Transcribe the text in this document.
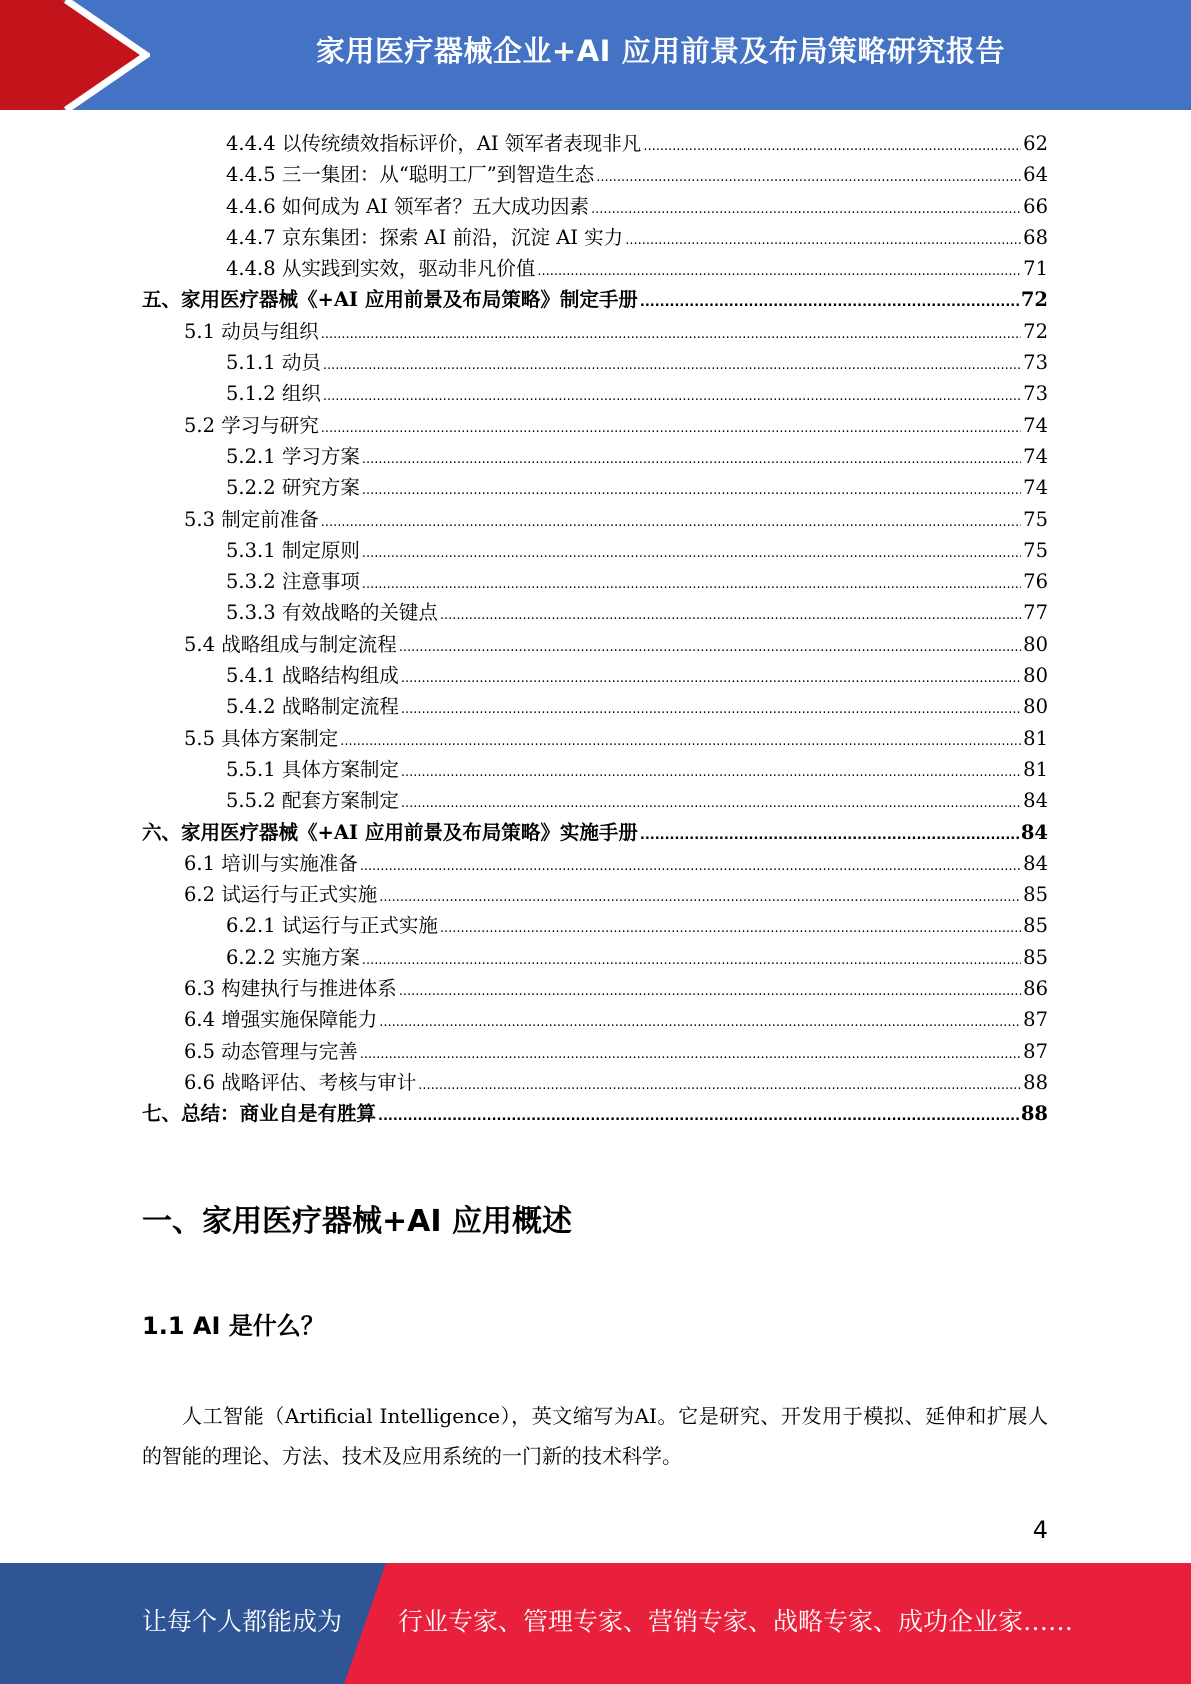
家用医疗器械企业+AI 应用前景及布局策略研究报告
4.4.4 以传统绩效指标评价，AI 领军者表现非凡 .....	62
4.4.5 三一集团：从“聪明工厂”到智造生态 .....	64
4.4.6 如何成为 AI 领军者？五大成功因素 .....	66
4.4.7 京东集团：探索 AI 前沿，沉淀 AI 实力 .....	68
4.4.8 从实践到实效，驱动非凡价值 .....	71
五、家用医疗器械《+AI 应用前景及布局策略》制定手册 .....	72
5.1 动员与组织 .....	72
5.1.1 动员 .....	73
5.1.2 组织 .....	73
5.2 学习与研究 .....	74
5.2.1 学习方案 .....	74
5.2.2 研究方案 .....	74
5.3 制定前准备 .....	75
5.3.1 制定原则 .....	75
5.3.2 注意事项 .....	76
5.3.3 有效战略的关键点 .....	77
5.4 战略组成与制定流程 .....	80
5.4.1 战略结构组成 .....	80
5.4.2 战略制定流程 .....	80
5.5 具体方案制定 .....	81
5.5.1 具体方案制定 .....	81
5.5.2 配套方案制定 .....	84
六、家用医疗器械《+AI 应用前景及布局策略》实施手册 .....	84
6.1 培训与实施准备 .....	84
6.2 试运行与正式实施 .....	85
6.2.1 试运行与正式实施 .....	85
6.2.2 实施方案 .....	85
6.3 构建执行与推进体系 .....	86
6.4 增强实施保障能力 .....	87
6.5 动态管理与完善 .....	87
6.6 战略评估、考核与审计 .....	88
七、总结：商业自是有胜算 .....	88
一、家用医疗器械+AI 应用概述
1.1 AI 是什么？

人工智能（Artificial Intelligence），英文缩写为AI。它是研究、开发用于模拟、延伸和扩展人的智能的理论、方法、技术及应用系统的一门新的技术科学。

4
让每个人都能成为 行业专家、管理专家、营销专家、战略专家、成功企业家……
